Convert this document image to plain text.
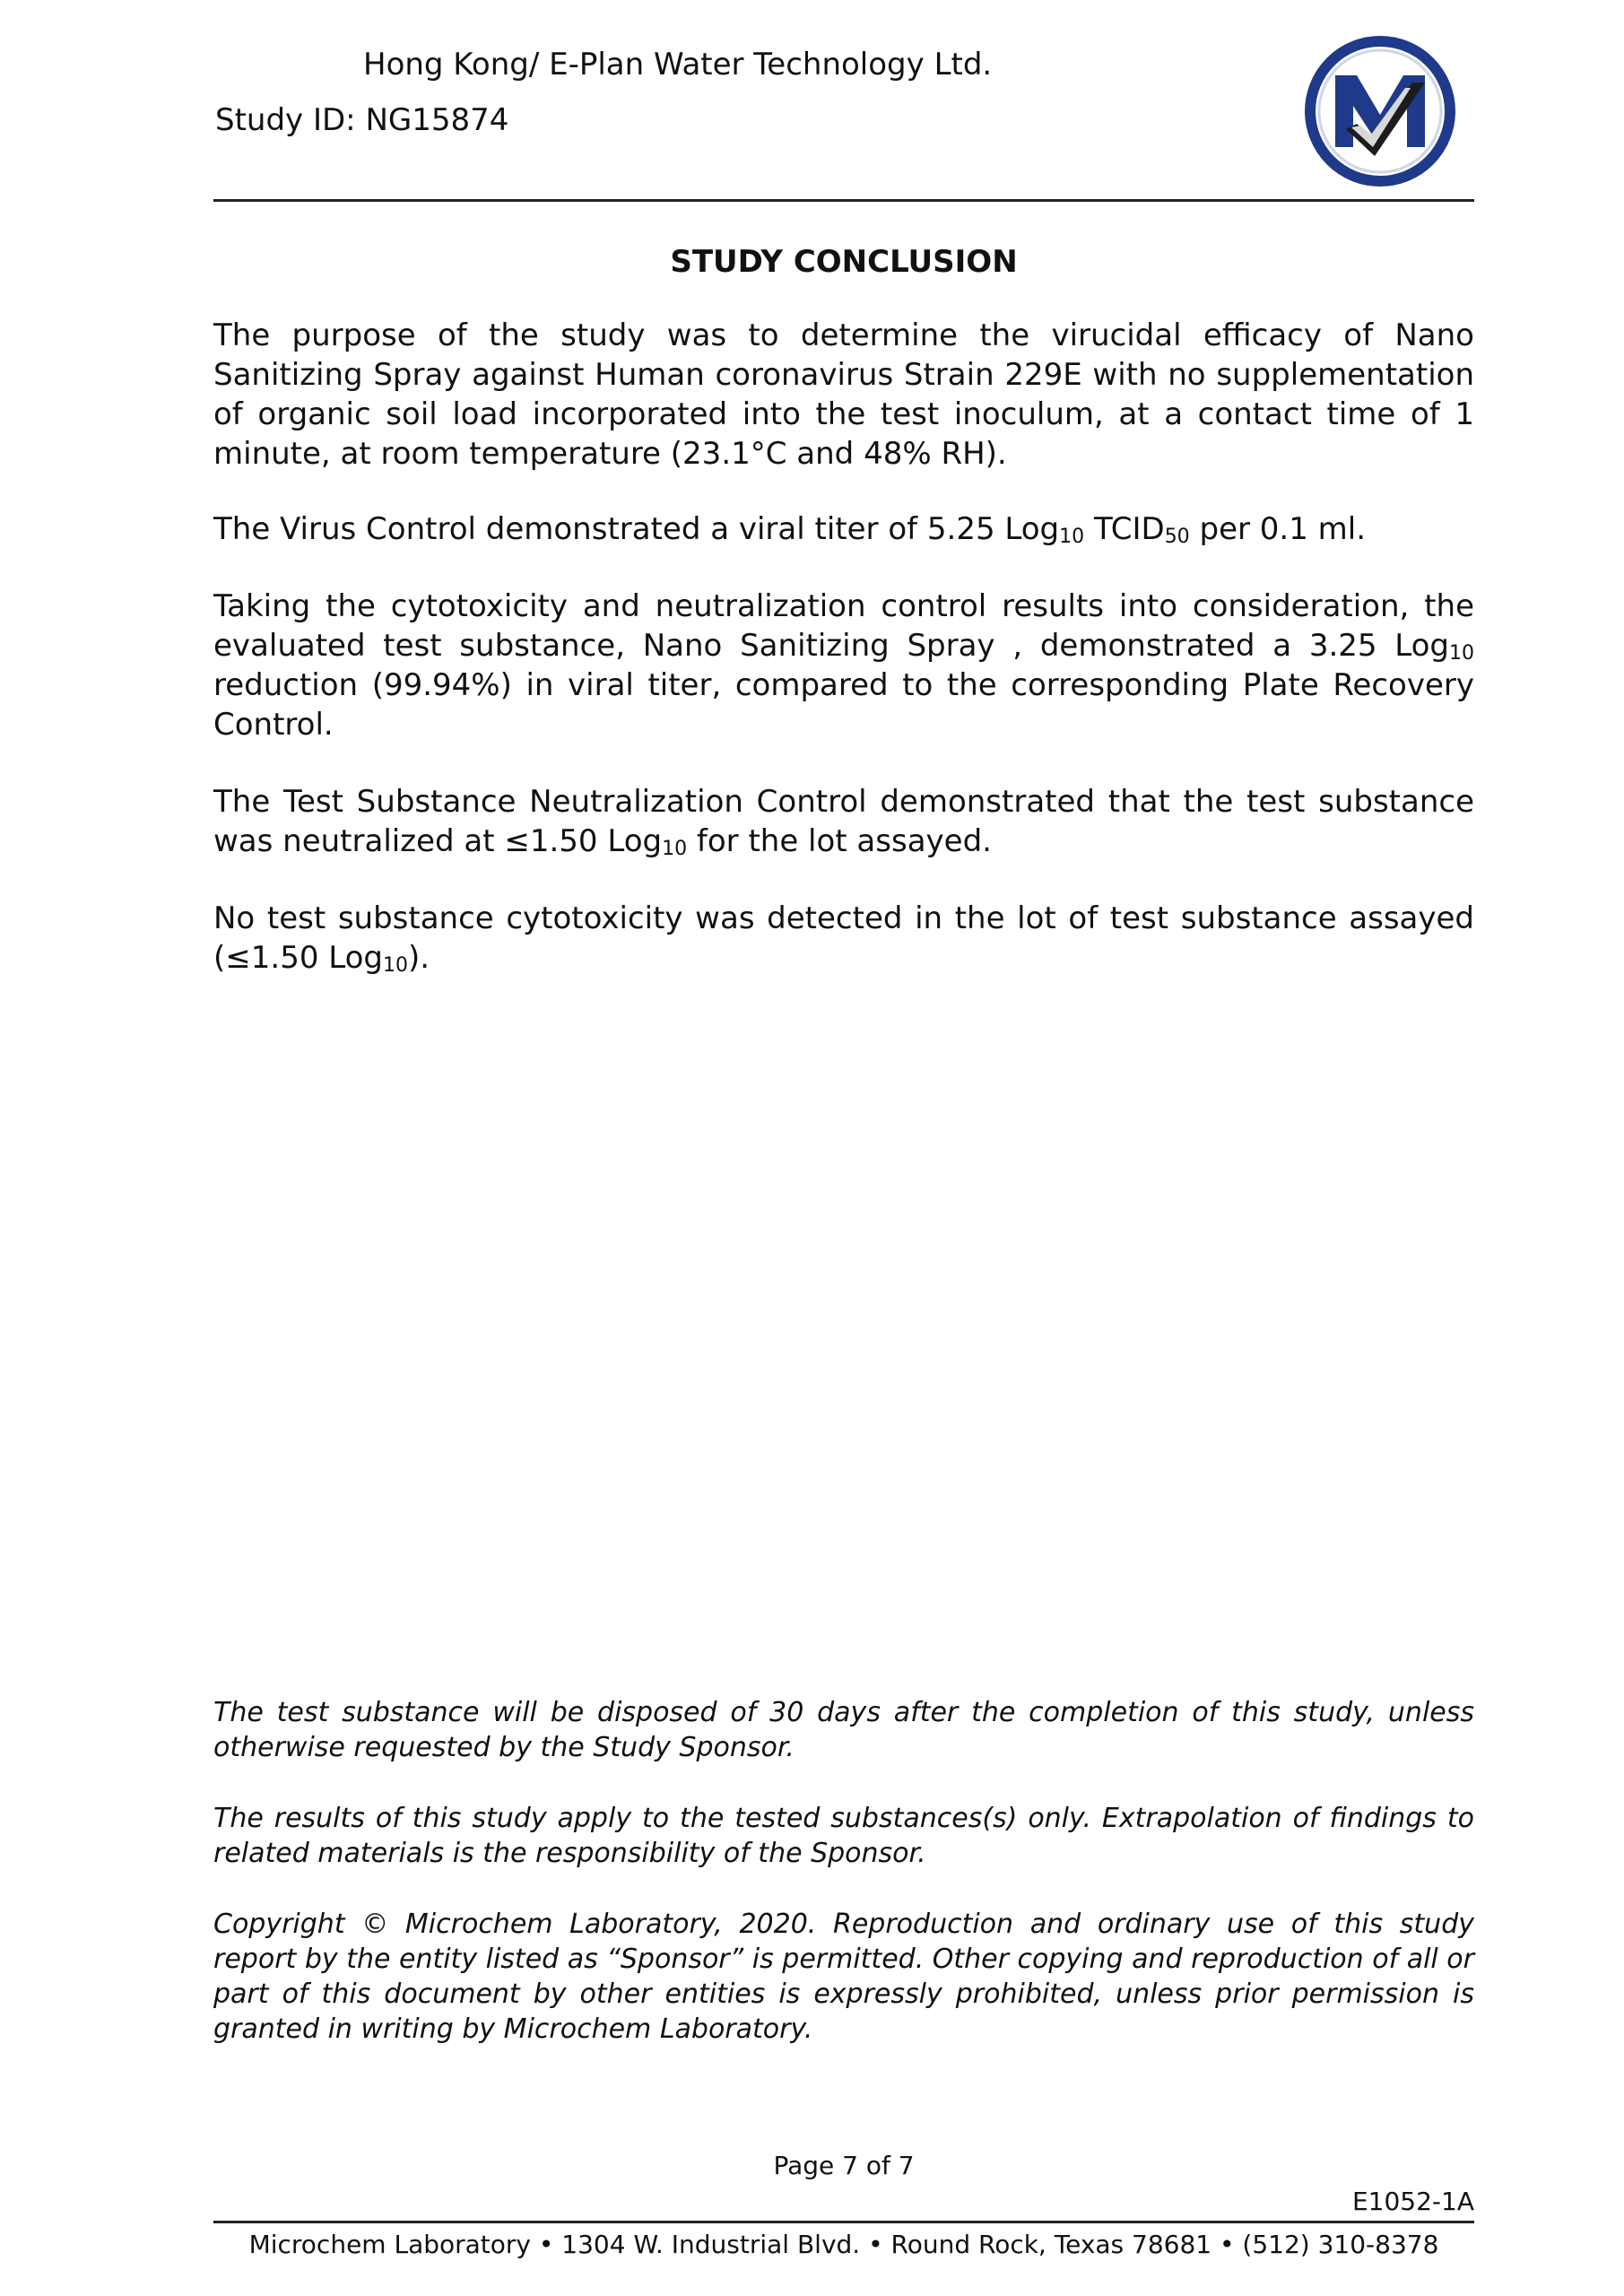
Hong Kong/ E-Plan Water Technology Ltd.
Study ID: NG15874
STUDY CONCLUSION

The purpose of the study was to determine the virucidal efficacy of Nano Sanitizing Spray against Human coronavirus Strain 229E with no supplementation of organic soil load incorporated into the test inoculum, at a contact time of 1 minute, at room temperature (23.1°C and 48% RH).

The Virus Control demonstrated a viral titer of 5.25 Log10 TCID50 per 0.1 ml.

Taking the cytotoxicity and neutralization control results into consideration, the evaluated test substance, Nano Sanitizing Spray , demonstrated a 3.25 Log10 reduction (99.94%) in viral titer, compared to the corresponding Plate Recovery Control.

The Test Substance Neutralization Control demonstrated that the test substance was neutralized at ≤1.50 Log10 for the lot assayed.

No test substance cytotoxicity was detected in the lot of test substance assayed (≤1.50 Log10).

The test substance will be disposed of 30 days after the completion of this study, unless otherwise requested by the Study Sponsor.

The results of this study apply to the tested substances(s) only. Extrapolation of findings to related materials is the responsibility of the Sponsor.

Copyright © Microchem Laboratory, 2020. Reproduction and ordinary use of this study report by the entity listed as “Sponsor” is permitted. Other copying and reproduction of all or part of this document by other entities is expressly prohibited, unless prior permission is granted in writing by Microchem Laboratory.

Page 7 of 7
E1052-1A
Microchem Laboratory • 1304 W. Industrial Blvd. • Round Rock, Texas 78681 • (512) 310-8378
